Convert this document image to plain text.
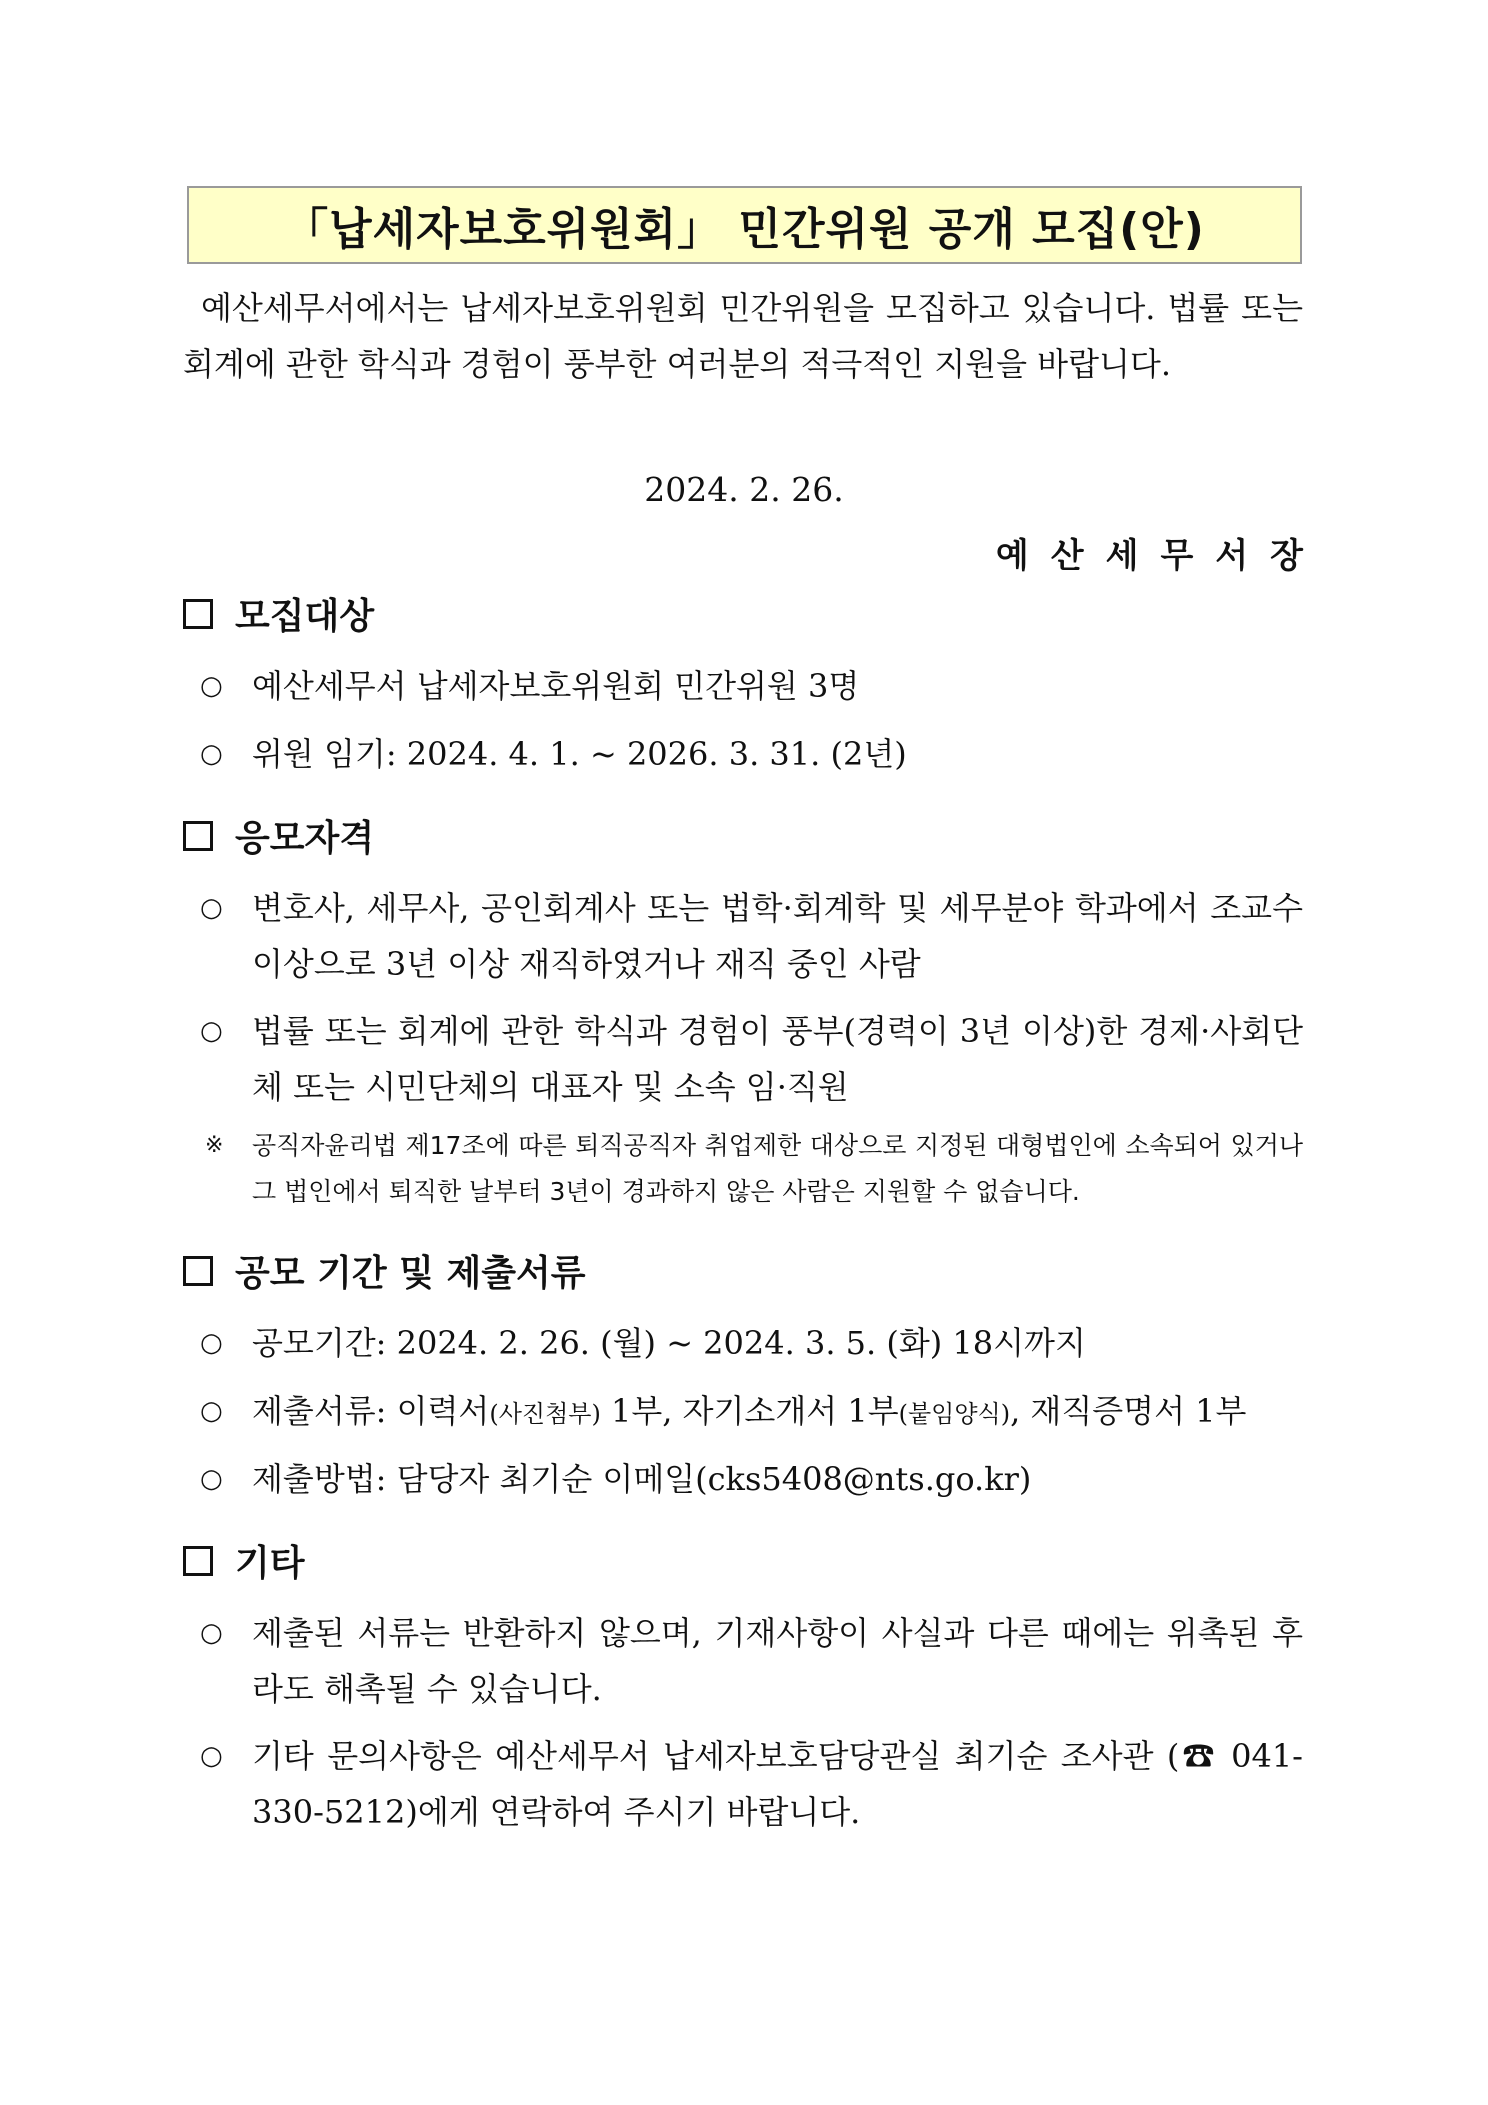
「납세자보호위원회」 민간위원 공개 모집(안)
예산세무서에서는 납세자보호위원회 민간위원을 모집하고 있습니다. 법률 또는 회계에 관한 학식과 경험이 풍부한 여러분의 적극적인 지원을 바랍니다.
2024. 2. 26.
예산세무서장
모집대상
○ 예산세무서 납세자보호위원회 민간위원 3명
○ 위원 임기: 2024. 4. 1. ~ 2026. 3. 31. (2년)
응모자격
○ 변호사, 세무사, 공인회계사 또는 법학·회계학 및 세무분야 학과에서 조교수 이상으로 3년 이상 재직하였거나 재직 중인 사람
○ 법률 또는 회계에 관한 학식과 경험이 풍부(경력이 3년 이상)한 경제·사회단체 또는 시민단체의 대표자 및 소속 임·직원
※	공직자윤리법 제17조에 따른 퇴직공직자 취업제한 대상으로 지정된 대형법인에 소속되어 있거나 그 법인에서 퇴직한 날부터 3년이 경과하지 않은 사람은 지원할 수 없습니다.
공모 기간 및 제출서류
○ 공모기간: 2024. 2. 26. (월) ~ 2024. 3. 5. (화) 18시까지
○ 제출서류: 이력서(사진첨부) 1부, 자기소개서 1부(붙임양식), 재직증명서 1부
○ 제출방법: 담당자 최기순 이메일(cks5408@nts.go.kr)
기타
○ 제출된 서류는 반환하지 않으며, 기재사항이 사실과 다른 때에는 위촉된 후라도 해촉될 수 있습니다.
○ 기타 문의사항은 예산세무서 납세자보호담당관실 최기순 조사관 (☎ 041-330-5212)에게 연락하여 주시기 바랍니다.
